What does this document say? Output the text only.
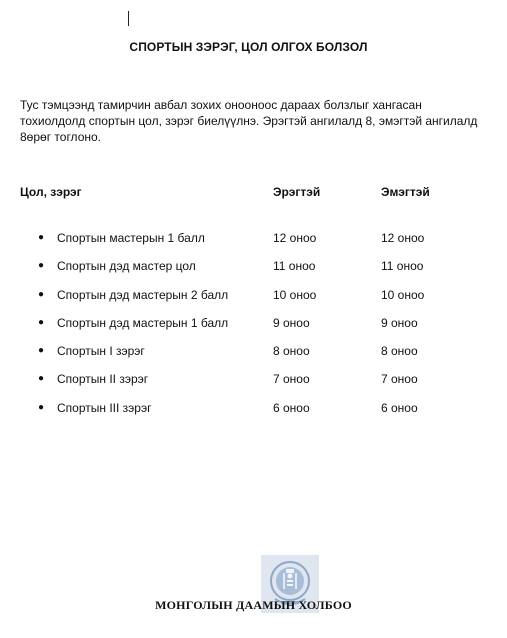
СПОРТЫН ЗЭРЭГ, ЦОЛ ОЛГОХ БОЛЗОЛ
Тус тэмцээнд тамирчин авбал зохих онооноос дараах болзлыг хангасан тохиолдолд спортын цол, зэрэг биелүүлнэ. Эрэгтэй ангилалд 8, эмэгтэй ангилалд 8өрөг тоглоно.
Цол, зэрэг	Эрэгтэй	Эмэгтэй
● Спортын мастерын 1 балл	12 оноо	12 оноо
● Спортын дэд мастер цол	11 оноо	11 оноо
● Спортын дэд мастерын 2 балл	10 оноо	10 оноо
● Спортын дэд мастерын 1 балл	9 оноо	9 оноо
● Спортын I зэрэг	8 оноо	8 оноо
● Спортын II зэрэг	7 оноо	7 оноо
● Спортын III зэрэг	6 оноо	6 оноо
МОНГОЛЫН ДААМЫН ХОЛБОО
